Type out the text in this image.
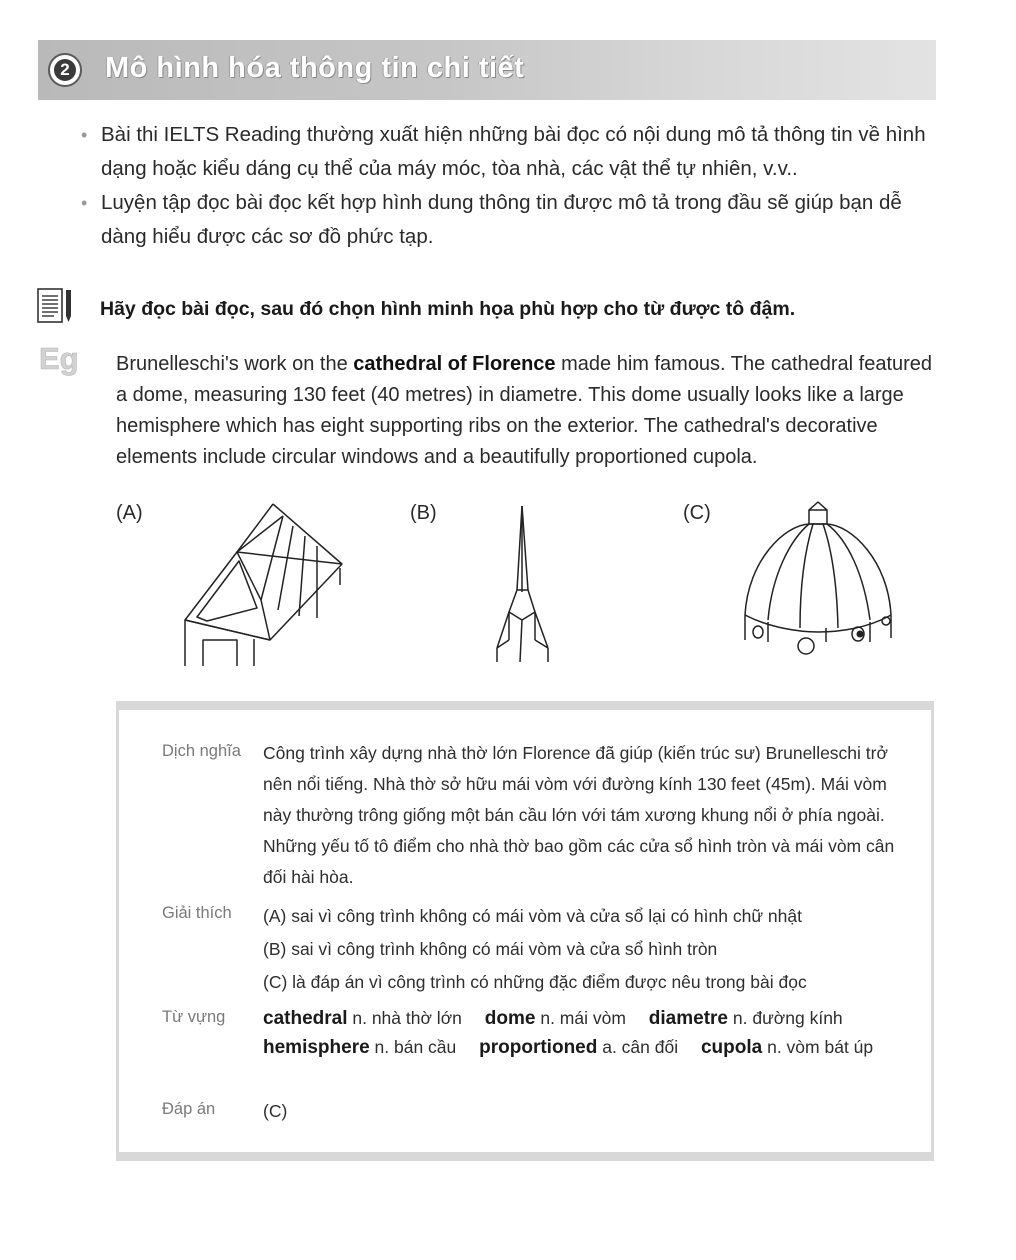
2 Mô hình hóa thông tin chi tiết
• Bài thi IELTS Reading thường xuất hiện những bài đọc có nội dung mô tả thông tin về hình dạng hoặc kiểu dáng cụ thể của máy móc, tòa nhà, các vật thể tự nhiên, v.v..
• Luyện tập đọc bài đọc kết hợp hình dung thông tin được mô tả trong đầu sẽ giúp bạn dễ dàng hiểu được các sơ đồ phức tạp.
Eg
Hãy đọc bài đọc, sau đó chọn hình minh họa phù hợp cho từ được tô đậm.
Brunelleschi's work on the cathedral of Florence made him famous. The cathedral featured a dome, measuring 130 feet (40 metres) in diametre. This dome usually looks like a large hemisphere which has eight supporting ribs on the exterior. The cathedral's decorative elements include circular windows and a beautifully proportioned cupola.
(A)	(B)	(C)
Dịch nghĩa Công trình xây dựng nhà thờ lớn Florence đã giúp (kiến trúc sư) Brunelleschi trở nên nổi tiếng. Nhà thờ sở hữu mái vòm với đường kính 130 feet (45m). Mái vòm này thường trông giống một bán cầu lớn với tám xương khung nổi ở phía ngoài. Những yếu tố tô điểm cho nhà thờ bao gồm các cửa sổ hình tròn và mái vòm cân đối hài hòa.
Giải thích (A) sai vì công trình không có mái vòm và cửa sổ lại có hình chữ nhật
(B) sai vì công trình không có mái vòm và cửa sổ hình tròn
(C) là đáp án vì công trình có những đặc điểm được nêu trong bài đọc
Từ vựng cathedral n. nhà thờ lớn dome n. mái vòm diametre n. đường kính
hemisphere n. bán cầu proportioned a. cân đối cupola n. vòm bát úp
Đáp án	(C)
